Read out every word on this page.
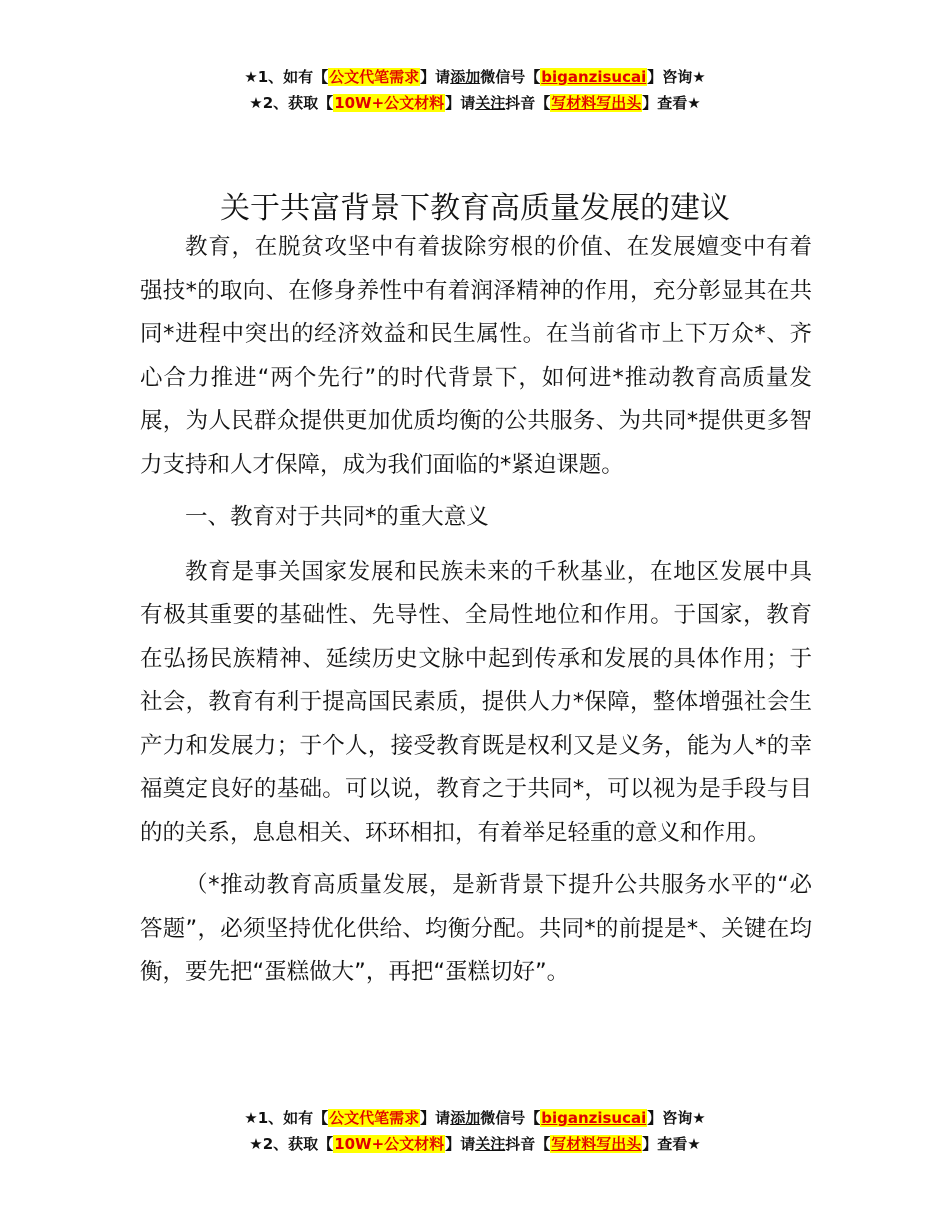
★1、如有【公文代笔需求】请添加微信号【biganzisucai】咨询★
★2、获取【10W+公文材料】请关注抖音【写材料写出头】查看★
关于共富背景下教育高质量发展的建议

教育，在脱贫攻坚中有着拔除穷根的价值、在发展嬗变中有着强技*的取向、在修身养性中有着润泽精神的作用，充分彰显其在共同*进程中突出的经济效益和民生属性。在当前省市上下万众*、齐心合力推进“两个先行”的时代背景下，如何进*推动教育高质量发展，为人民群众提供更加优质均衡的公共服务、为共同*提供更多智力支持和人才保障，成为我们面临的*紧迫课题。

一、教育对于共同*的重大意义

教育是事关国家发展和民族未来的千秋基业，在地区发展中具有极其重要的基础性、先导性、全局性地位和作用。于国家，教育在弘扬民族精神、延续历史文脉中起到传承和发展的具体作用；于社会，教育有利于提高国民素质，提供人力*保障，整体增强社会生产力和发展力；于个人，接受教育既是权利又是义务，能为人*的幸福奠定良好的基础。可以说，教育之于共同*，可以视为是手段与目的的关系，息息相关、环环相扣，有着举足轻重的意义和作用。

（*推动教育高质量发展，是新背景下提升公共服务水平的“必答题”，必须坚持优化供给、均衡分配。共同*的前提是*、关键在均衡，要先把“蛋糕做大”，再把“蛋糕切好”。

★1、如有【公文代笔需求】请添加微信号【biganzisucai】咨询★
★2、获取【10W+公文材料】请关注抖音【写材料写出头】查看★
